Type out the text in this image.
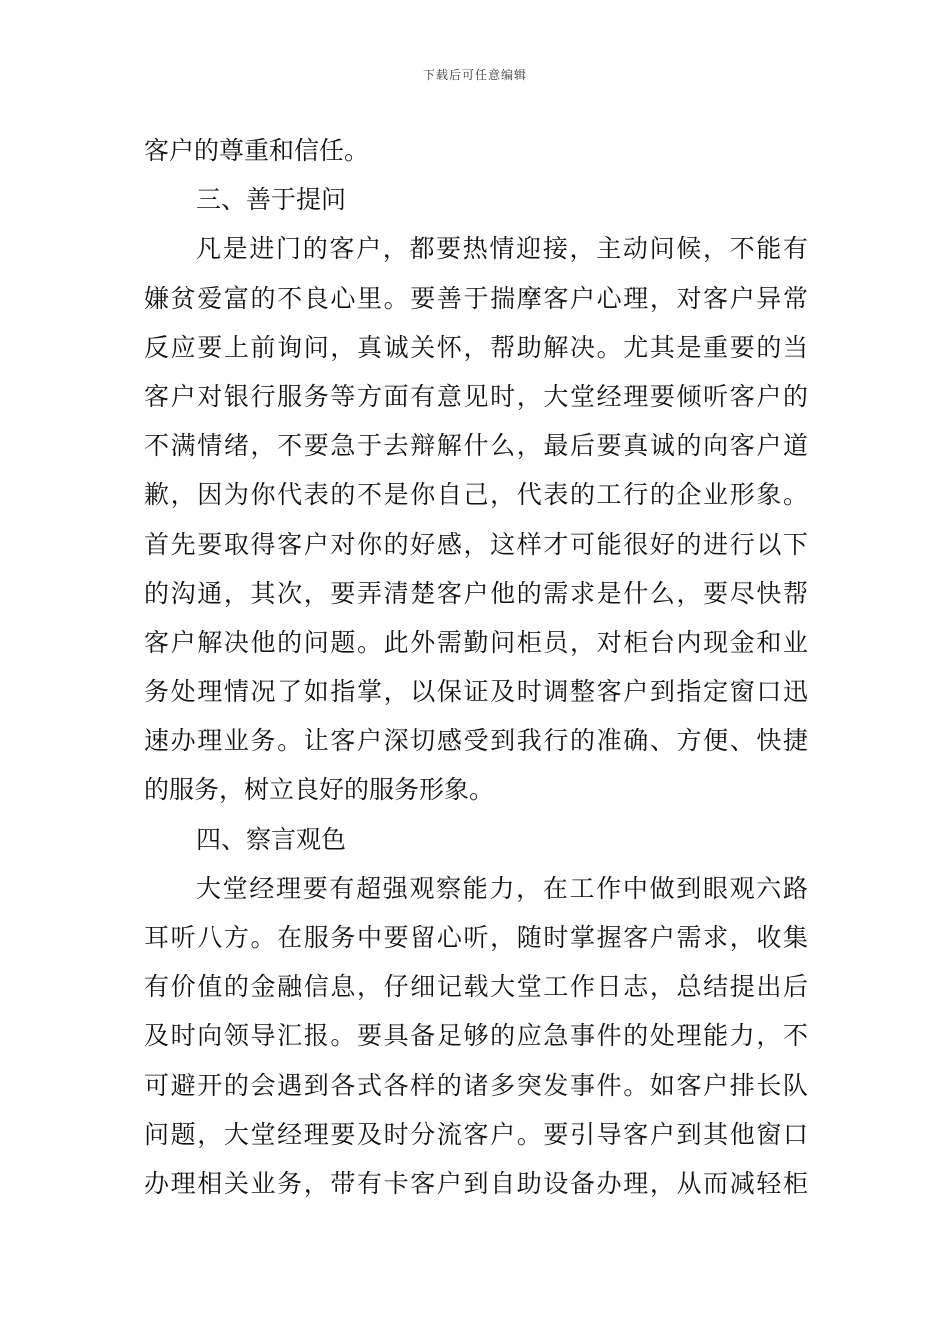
下载后可任意编辑
客户的尊重和信任。
三、善于提问
凡是进门的客户，都要热情迎接，主动问候，不能有
嫌贫爱富的不良心里。要善于揣摩客户心理，对客户异常
反应要上前询问，真诚关怀，帮助解决。尤其是重要的当
客户对银行服务等方面有意见时，大堂经理要倾听客户的
不满情绪，不要急于去辩解什么，最后要真诚的向客户道
歉，因为你代表的不是你自己，代表的工行的企业形象。
首先要取得客户对你的好感，这样才可能很好的进行以下
的沟通，其次，要弄清楚客户他的需求是什么，要尽快帮
客户解决他的问题。此外需勤问柜员，对柜台内现金和业
务处理情况了如指掌，以保证及时调整客户到指定窗口迅
速办理业务。让客户深切感受到我行的准确、方便、快捷
的服务，树立良好的服务形象。
四、察言观色
大堂经理要有超强观察能力，在工作中做到眼观六路
耳听八方。在服务中要留心听，随时掌握客户需求，收集
有价值的金融信息，仔细记载大堂工作日志，总结提出后
及时向领导汇报。要具备足够的应急事件的处理能力，不
可避开的会遇到各式各样的诸多突发事件。如客户排长队
问题，大堂经理要及时分流客户。要引导客户到其他窗口
办理相关业务，带有卡客户到自助设备办理，从而减轻柜
